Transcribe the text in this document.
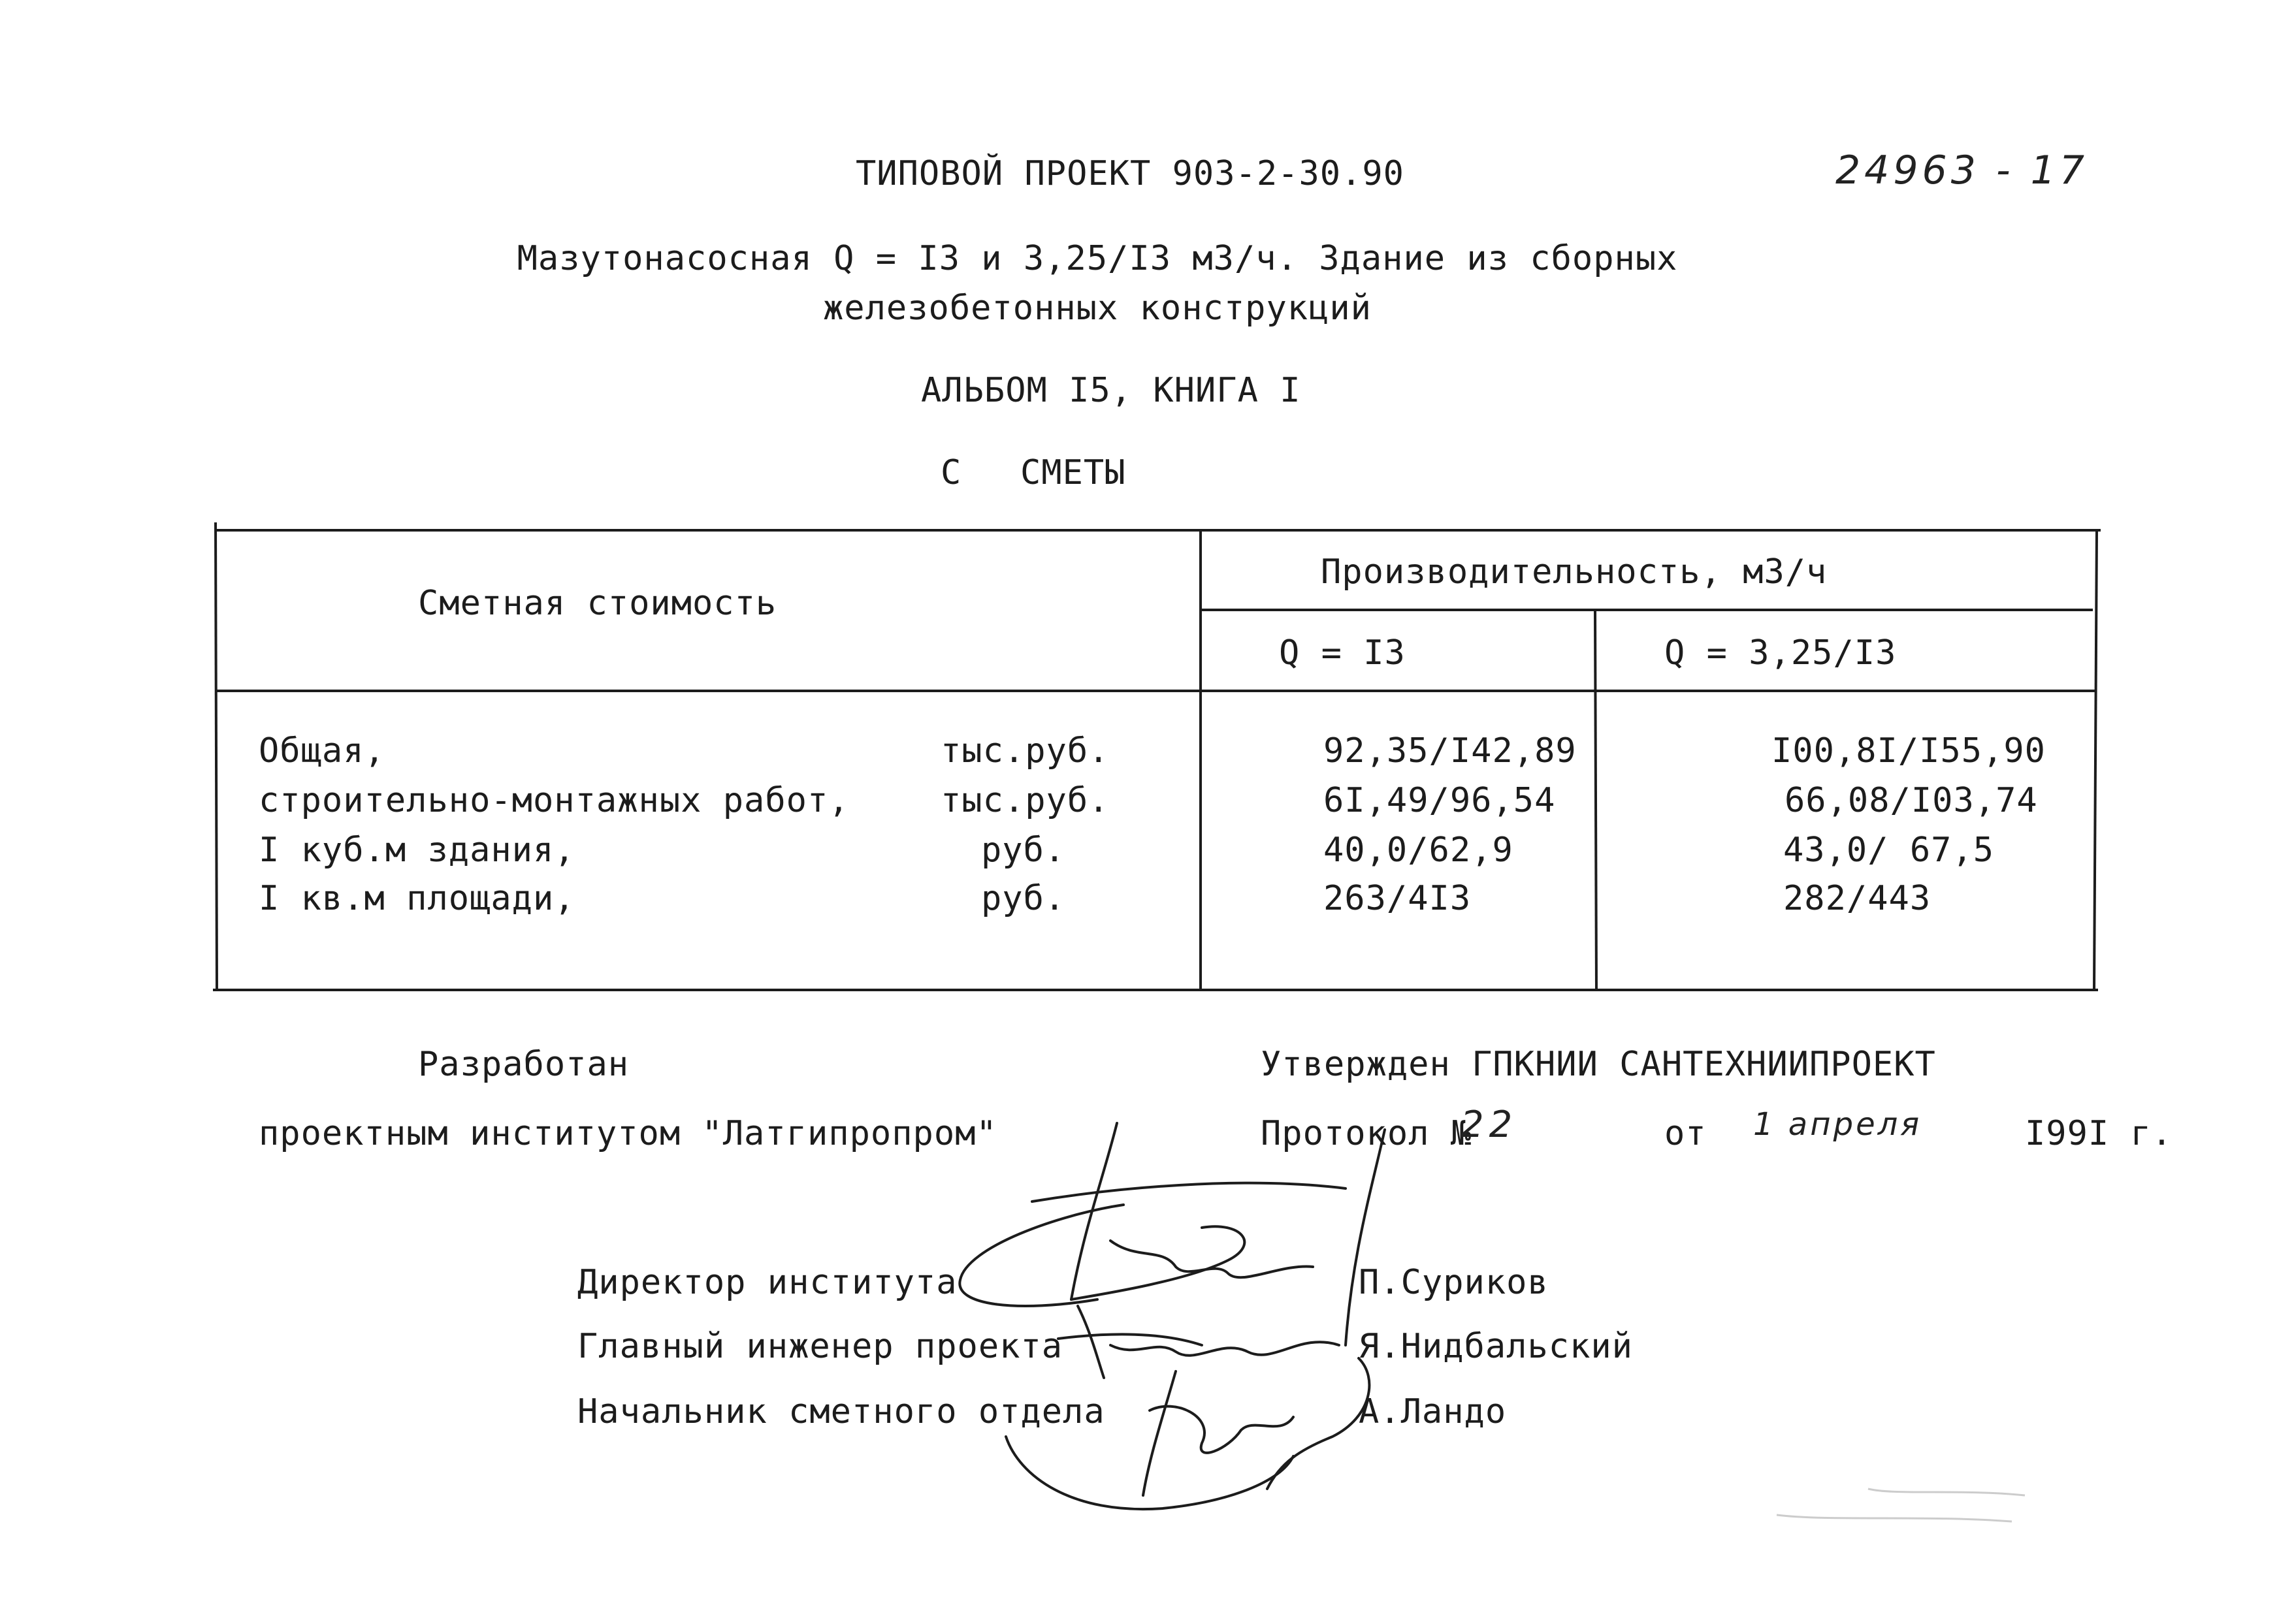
ТИПОВОЙ ПРОЕКТ 903-2-30.90	24963 - 17
Мазутонасосная Q = I3 и 3,25/I3 м3/ч. Здание из сборных
железобетонных конструкций
АЛЬБОМ I5, КНИГА I
С СМЕТЫ
Сметная стоимость
Производительность, м3/ч
Q = I3	Q = 3,25/I3
Общая,	тыс.руб.	92,35/I42,89	I00,8I/I55,90
строительно-монтажных работ,	тыс.руб.	6I,49/96,54	66,08/I03,74
I куб.м здания,	руб.	40,0/62,9	43,0/ 67,5
I кв.м площади,	руб.	263/4I3	282/443
Разработан
проектным институтом "Латгипропром"
Утвержден ГПКНИИ САНТЕХНИИПРОЕКТ
Протокол №
22	от 1 апреля	I99I г.
Директор института	П.Суриков
Главный инженер проекта	Я.Нидбальский
Начальник сметного отдела	А.Ландо
